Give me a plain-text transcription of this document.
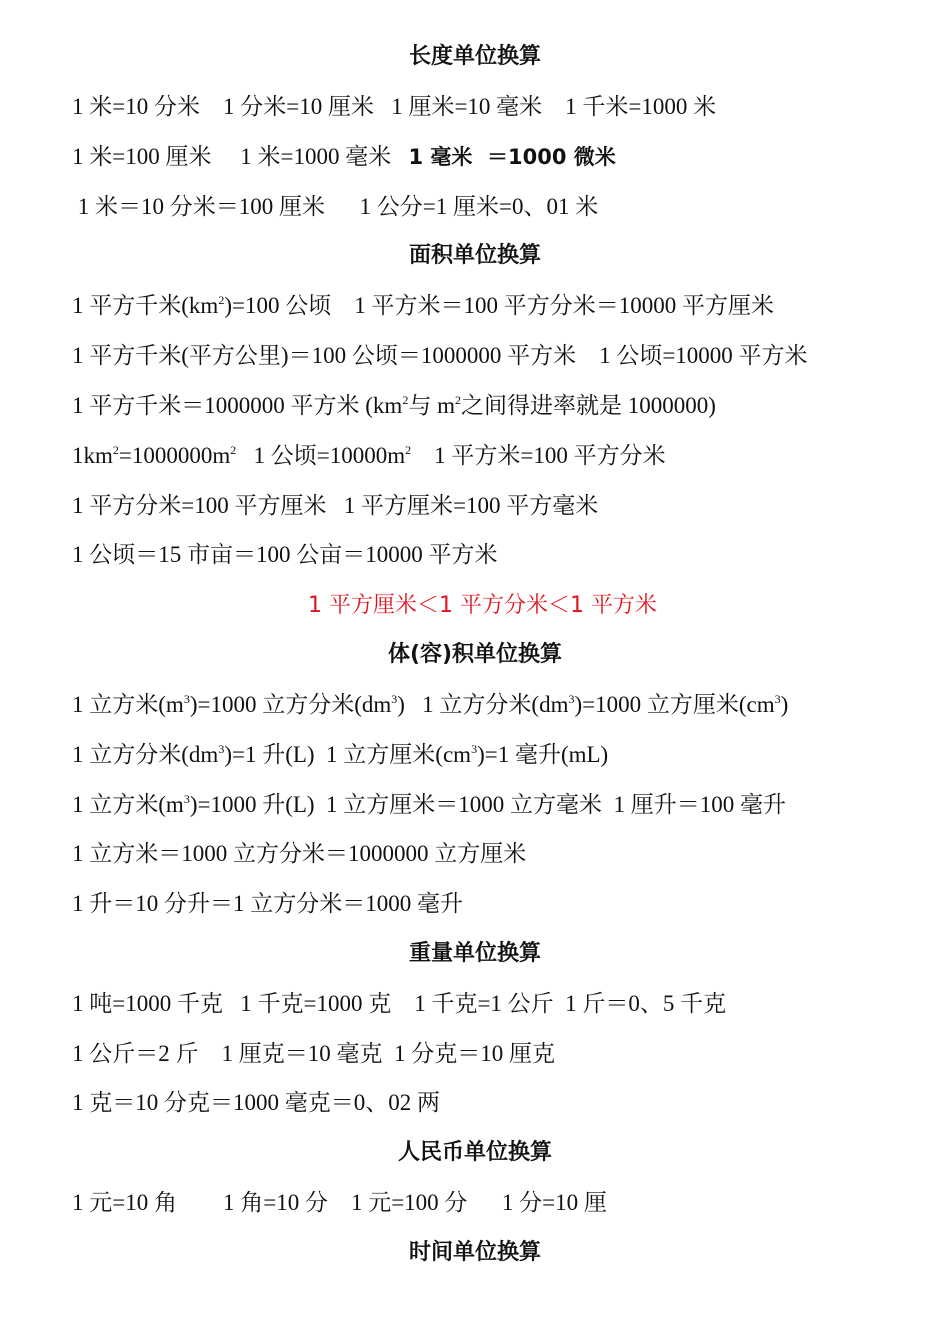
长度单位换算
1 米=10 分米    1 分米=10 厘米   1 厘米=10 毫米    1 千米=1000 米
1 米=100 厘米     1 米=1000 毫米   1 毫米  ＝1000 微米
1 米＝10 分米＝100 厘米      1 公分=1 厘米=0、01 米
面积单位换算
1 平方千米$(km^2)=100$ 公顷    1 平方米＝100 平方分米＝10000 平方厘米
1 平方千米(平方公里)＝100 公顷＝1000000 平方米    1 公顷=10000 平方米
1 平方千米＝1000000 平方米 ($km^2$与 $m^2$之间得进率就是 1000000)
$1km^2=1000000m^2$   1 公顷$=10000m^2$    1 平方米=100 平方分米
1 平方分米=100 平方厘米   1 平方厘米=100 平方毫米
1 公顷＝15 市亩＝100 公亩＝10000 平方米
1 平方厘米＜1 平方分米＜1 平方米
体(容)积单位换算
1 立方米$(m^3)=1000$ 立方分米$(dm^3)$   1 立方分米$(dm^3)=1000$ 立方厘米$(cm^3)$
1 立方分米$(dm^3)=1$ 升(L)  1 立方厘米$(cm^3)=1$ 毫升(mL)
1 立方米$(m^3)=1000$ 升(L)  1 立方厘米＝1000 立方毫米  1 厘升＝100 毫升
1 立方米＝1000 立方分米＝1000000 立方厘米
1 升＝10 分升＝1 立方分米＝1000 毫升
重量单位换算
1 吨=1000 千克   1 千克=1000 克    1 千克=1 公斤  1 斤＝0、5 千克
1 公斤＝2 斤    1 厘克＝10 毫克  1 分克＝10 厘克
1 克＝10 分克＝1000 毫克＝0、02 两
人民币单位换算
1 元=10 角        1 角=10 分    1 元=100 分      1 分=10 厘
时间单位换算
